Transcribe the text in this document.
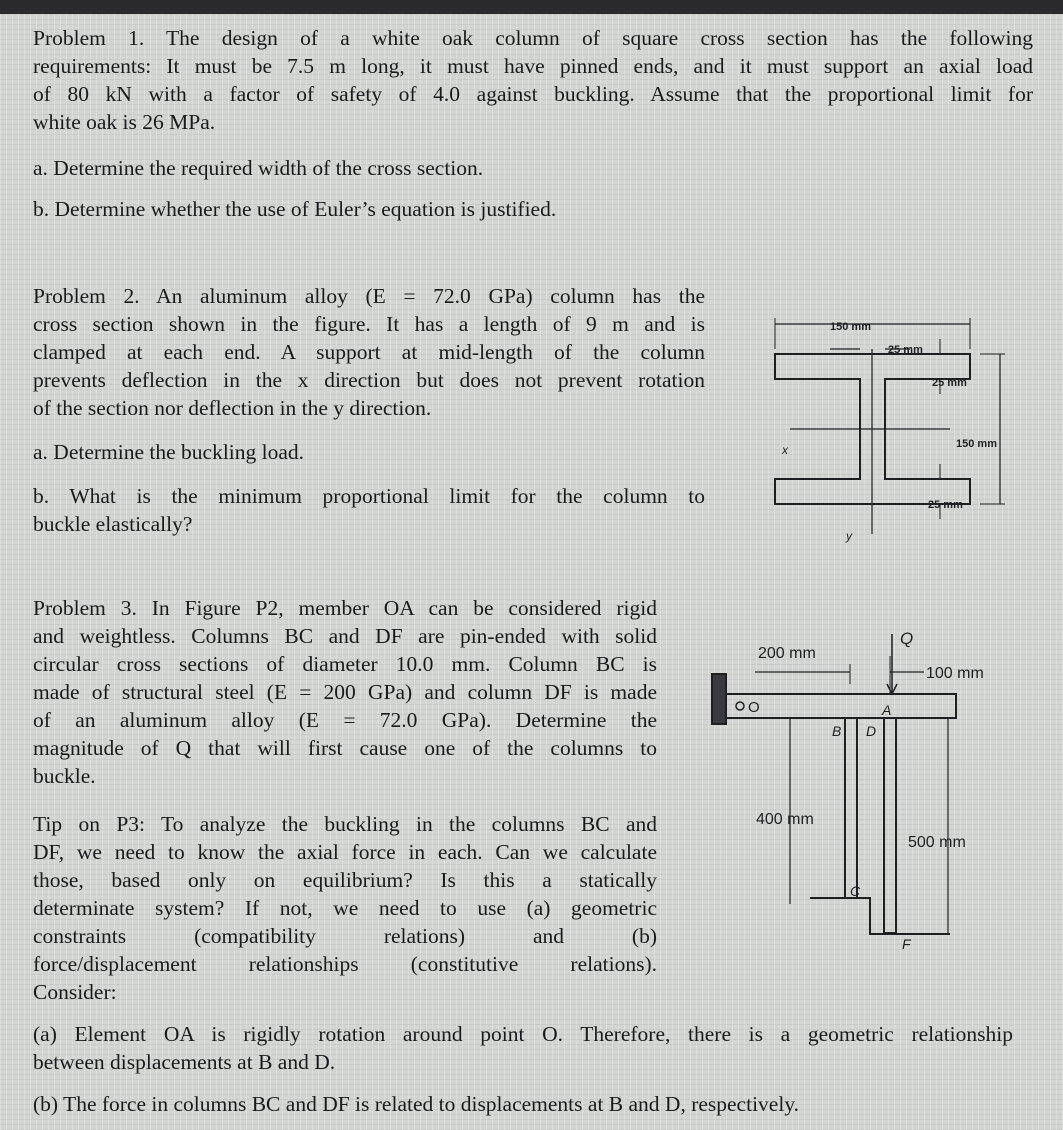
Problem 1. The design of a white oak column of square cross section has the following
requirements: It must be 7.5 m long, it must have pinned ends, and it must support an axial load
of 80 kN with a factor of safety of 4.0 against buckling. Assume that the proportional limit for
white oak is 26 MPa.

a. Determine the required width of the cross section.

b. Determine whether the use of Euler’s equation is justified.

Problem 2. An aluminum alloy (E = 72.0 GPa) column has the
cross section shown in the figure. It has a length of 9 m and is
clamped at each end. A support at mid-length of the column
prevents deflection in the x direction but does not prevent rotation
of the section nor deflection in the y direction.

a. Determine the buckling load.

b. What is the minimum proportional limit for the column to
buckle elastically?
150 mm
25 mm
25 mm
150 mm
25 mm
x
y
Problem 3. In Figure P2, member OA can be considered rigid
and weightless. Columns BC and DF are pin-ended with solid
circular cross sections of diameter 10.0 mm. Column BC is
made of structural steel (E = 200 GPa) and column DF is made
of an aluminum alloy (E = 72.0 GPa). Determine the
magnitude of Q that will first cause one of the columns to
buckle.
200 mm
100 mm
Q
400 mm
500 mm
O	A
B D
C
F
Tip on P3: To analyze the buckling in the columns BC and
DF, we need to know the axial force in each. Can we calculate
those, based only on equilibrium? Is this a statically
determinate system? If not, we need to use (a) geometric
constraints (compatibility relations) and (b)
force/displacement relationships (constitutive relations).
Consider:
(a) Element OA is rigidly rotation around point O. Therefore, there is a geometric relationship
between displacements at B and D.

(b) The force in columns BC and DF is related to displacements at B and D, respectively.
